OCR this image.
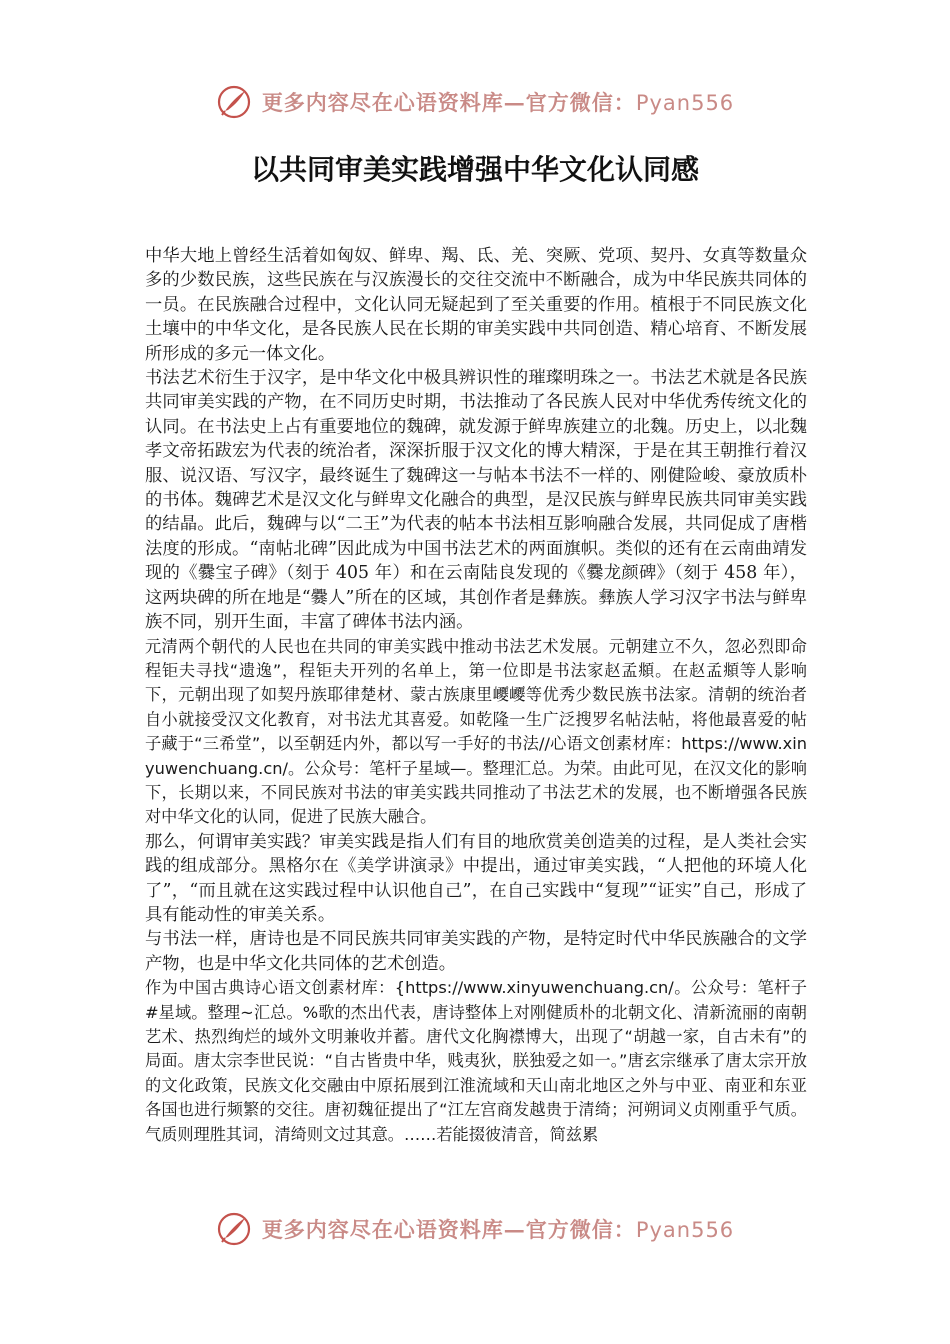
更多内容尽在心语资料库—官方微信：Pyan556
以共同审美实践增强中华文化认同感

中华大地上曾经生活着如匈奴、鲜卑、羯、氐、羌、突厥、党项、契丹、女真等数量众多的少数民族，这些民族在与汉族漫长的交往交流中不断融合，成为中华民族共同体的一员。在民族融合过程中，文化认同无疑起到了至关重要的作用。植根于不同民族文化土壤中的中华文化，是各民族人民在长期的审美实践中共同创造、精心培育、不断发展所形成的多元一体文化。

书法艺术衍生于汉字，是中华文化中极具辨识性的璀璨明珠之一。书法艺术就是各民族共同审美实践的产物，在不同历史时期，书法推动了各民族人民对中华优秀传统文化的认同。在书法史上占有重要地位的魏碑，就发源于鲜卑族建立的北魏。历史上，以北魏孝文帝拓跋宏为代表的统治者，深深折服于汉文化的博大精深，于是在其王朝推行着汉服、说汉语、写汉字，最终诞生了魏碑这一与帖本书法不一样的、刚健险峻、豪放质朴的书体。魏碑艺术是汉文化与鲜卑文化融合的典型，是汉民族与鲜卑民族共同审美实践的结晶。此后，魏碑与以“二王”为代表的帖本书法相互影响融合发展，共同促成了唐楷法度的形成。“南帖北碑”因此成为中国书法艺术的两面旗帜。类似的还有在云南曲靖发现的《爨宝子碑》（刻于 405 年）和在云南陆良发现的《爨龙颜碑》（刻于 458 年），这两块碑的所在地是“爨人”所在的区域，其创作者是彝族。彝族人学习汉字书法与鲜卑族不同，别开生面，丰富了碑体书法内涵。

元清两个朝代的人民也在共同的审美实践中推动书法艺术发展。元朝建立不久，忽必烈即命程钜夫寻找“遗逸”，程钜夫开列的名单上，第一位即是书法家赵孟頫。在赵孟頫等人影响下，元朝出现了如契丹族耶律楚材、蒙古族康里巎巎等优秀少数民族书法家。清朝的统治者自小就接受汉文化教育，对书法尤其喜爱。如乾隆一生广泛搜罗名帖法帖，将他最喜爱的帖子藏于“三希堂”，以至朝廷内外，都以写一手好的书法//心语文创素材库：https://www.xinyuwenchuang.cn/。公众号：笔杆子星域—。整理汇总。为荣。由此可见，在汉文化的影响下，长期以来，不同民族对书法的审美实践共同推动了书法艺术的发展，也不断增强各民族对中华文化的认同，促进了民族大融合。

那么，何谓审美实践？审美实践是指人们有目的地欣赏美创造美的过程，是人类社会实践的组成部分。黑格尔在《美学讲演录》中提出，通过审美实践，“人把他的环境人化了”，“而且就在这实践过程中认识他自己”，在自己实践中“复现”“证实”自己，形成了具有能动性的审美关系。

与书法一样，唐诗也是不同民族共同审美实践的产物，是特定时代中华民族融合的文学产物，也是中华文化共同体的艺术创造。

作为中国古典诗心语文创素材库：{https://www.xinyuwenchuang.cn/。公众号：笔杆子#星域。整理~汇总。%歌的杰出代表，唐诗整体上对刚健质朴的北朝文化、清新流丽的南朝艺术、热烈绚烂的域外文明兼收并蓄。唐代文化胸襟博大，出现了“胡越一家，自古未有”的局面。唐太宗李世民说：“自古皆贵中华，贱夷狄，朕独爱之如一。”唐玄宗继承了唐太宗开放的文化政策，民族文化交融由中原拓展到江淮流域和天山南北地区之外与中亚、南亚和东亚各国也进行频繁的交往。唐初魏征提出了“江左宫商发越贵于清绮；河朔词义贞刚重乎气质。气质则理胜其词，清绮则文过其意。……若能掇彼清音，简兹累

更多内容尽在心语资料库—官方微信：Pyan556
